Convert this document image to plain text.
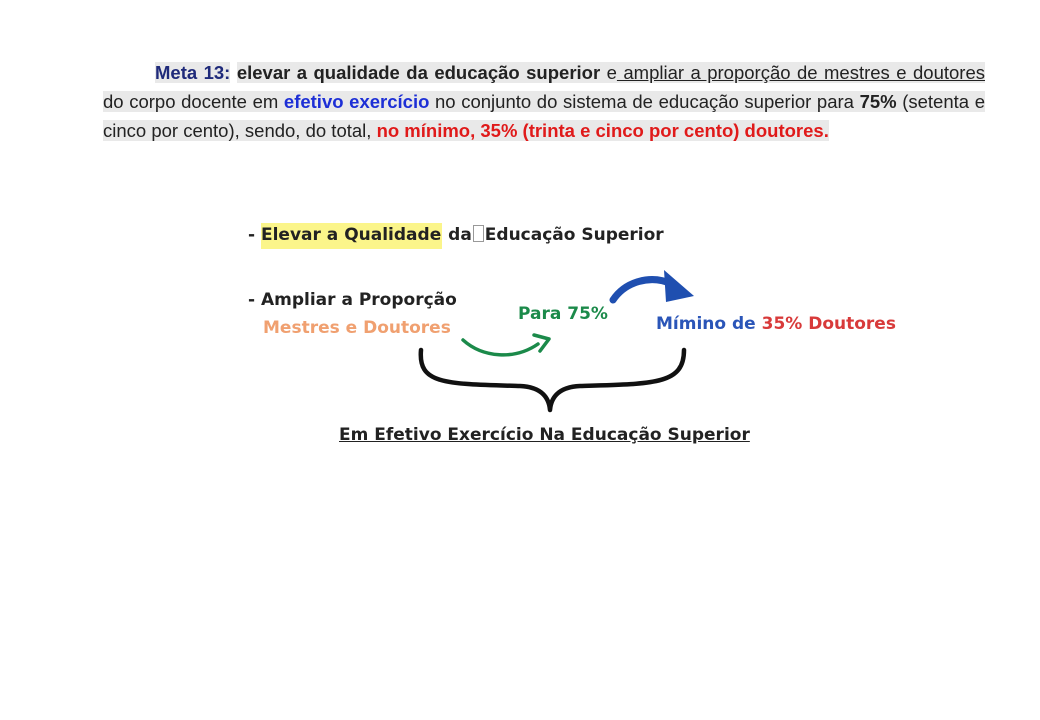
Meta 13: elevar a qualidade da educação superior e ampliar a proporção de mestres e doutores do corpo docente em efetivo exercício no conjunto do sistema de educação superior para 75% (setenta e cinco por cento), sendo, do total, no mínimo, 35% (trinta e cinco por cento) doutores.
- Elevar a Qualidade da Educação Superior
- Ampliar a Proporção
Mestres e Doutores
Para 75%	Mímino de 35% Doutores
Em Efetivo Exercício Na Educação Superior
